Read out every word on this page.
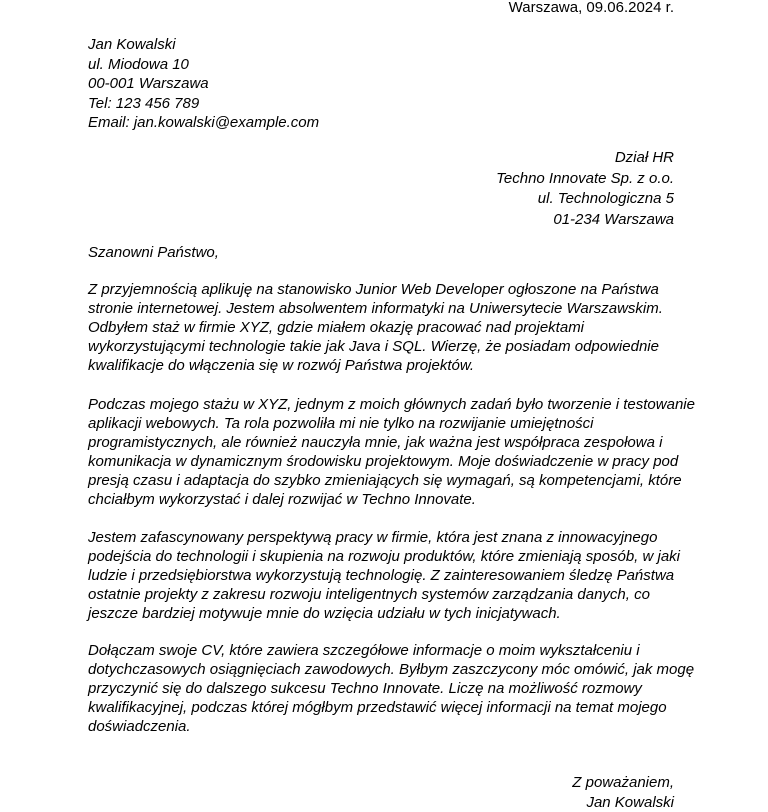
Warszawa, 09.06.2024 r.
Jan Kowalski
ul. Miodowa 10
00-001 Warszawa
Tel: 123 456 789
Email: jan.kowalski@example.com
Dział HR
Techno Innovate Sp. z o.o.
ul. Technologiczna 5
01-234 Warszawa
Szanowni Państwo,
Z przyjemnością aplikuję na stanowisko Junior Web Developer ogłoszone na Państwa
stronie internetowej. Jestem absolwentem informatyki na Uniwersytecie Warszawskim.
Odbyłem staż w firmie XYZ, gdzie miałem okazję pracować nad projektami
wykorzystującymi technologie takie jak Java i SQL. Wierzę, że posiadam odpowiednie
kwalifikacje do włączenia się w rozwój Państwa projektów.
Podczas mojego stażu w XYZ, jednym z moich głównych zadań było tworzenie i testowanie
aplikacji webowych. Ta rola pozwoliła mi nie tylko na rozwijanie umiejętności
programistycznych, ale również nauczyła mnie, jak ważna jest współpraca zespołowa i
komunikacja w dynamicznym środowisku projektowym. Moje doświadczenie w pracy pod
presją czasu i adaptacja do szybko zmieniających się wymagań, są kompetencjami, które
chciałbym wykorzystać i dalej rozwijać w Techno Innovate.
Jestem zafascynowany perspektywą pracy w firmie, która jest znana z innowacyjnego
podejścia do technologii i skupienia na rozwoju produktów, które zmieniają sposób, w jaki
ludzie i przedsiębiorstwa wykorzystują technologię. Z zainteresowaniem śledzę Państwa
ostatnie projekty z zakresu rozwoju inteligentnych systemów zarządzania danych, co
jeszcze bardziej motywuje mnie do wzięcia udziału w tych inicjatywach.
Dołączam swoje CV, które zawiera szczegółowe informacje o moim wykształceniu i
dotychczasowych osiągnięciach zawodowych. Byłbym zaszczycony móc omówić, jak mogę
przyczynić się do dalszego sukcesu Techno Innovate. Liczę na możliwość rozmowy
kwalifikacyjnej, podczas której mógłbym przedstawić więcej informacji na temat mojego
doświadczenia.
Z poważaniem,
Jan Kowalski
